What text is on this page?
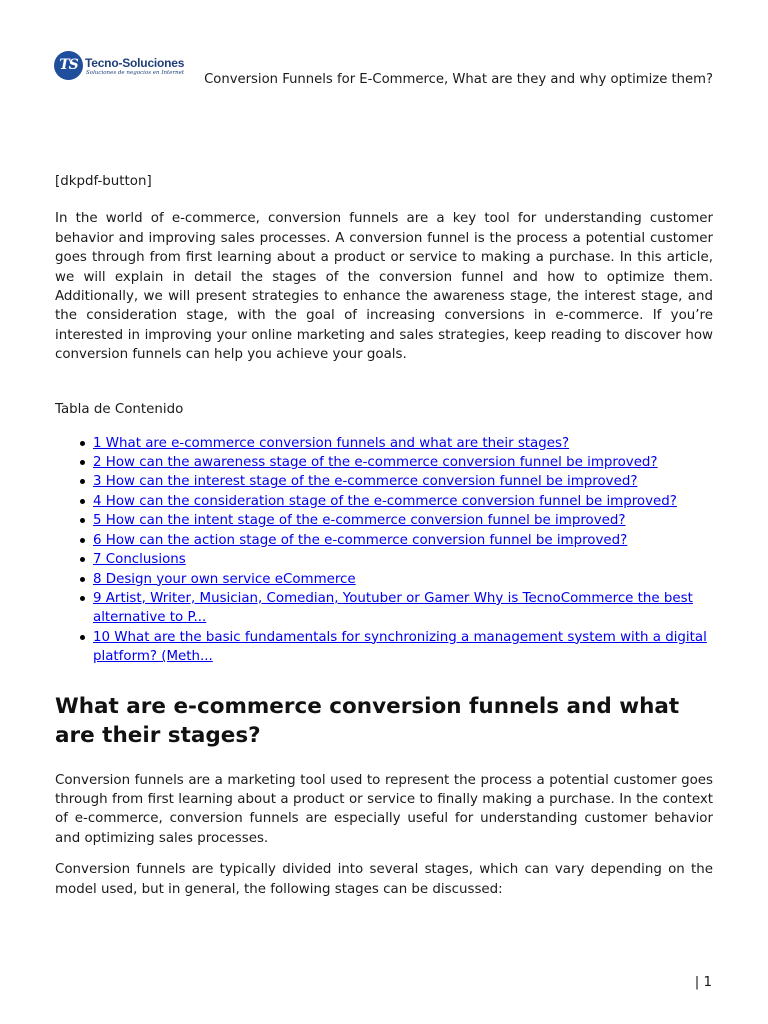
TS Tecno-Soluciones
Soluciones de negocios en Internet	Conversion Funnels for E-Commerce, What are they and why optimize them?

[dkpdf-button]

In the world of e-commerce, conversion funnels are a key tool for understanding customer behavior and improving sales processes. A conversion funnel is the process a potential customer goes through from first learning about a product or service to making a purchase. In this article, we will explain in detail the stages of the conversion funnel and how to optimize them. Additionally, we will present strategies to enhance the awareness stage, the interest stage, and the consideration stage, with the goal of increasing conversions in e-commerce. If you’re interested in improving your online marketing and sales strategies, keep reading to discover how conversion funnels can help you achieve your goals.

Tabla de Contenido

1 What are e-commerce conversion funnels and what are their stages?
2 How can the awareness stage of the e-commerce conversion funnel be improved?
3 How can the interest stage of the e-commerce conversion funnel be improved?
4 How can the consideration stage of the e-commerce conversion funnel be improved?
5 How can the intent stage of the e-commerce conversion funnel be improved?
6 How can the action stage of the e-commerce conversion funnel be improved?
7 Conclusions
8 Design your own service eCommerce
9 Artist, Writer, Musician, Comedian, Youtuber or Gamer Why is TecnoCommerce the best alternative to P...
10 What are the basic fundamentals for synchronizing a management system with a digital platform? (Meth...
What are e-commerce conversion funnels and what are their stages?

Conversion funnels are a marketing tool used to represent the process a potential customer goes through from first learning about a product or service to finally making a purchase. In the context of e-commerce, conversion funnels are especially useful for understanding customer behavior and optimizing sales processes.

Conversion funnels are typically divided into several stages, which can vary depending on the model used, but in general, the following stages can be discussed:

| 1
